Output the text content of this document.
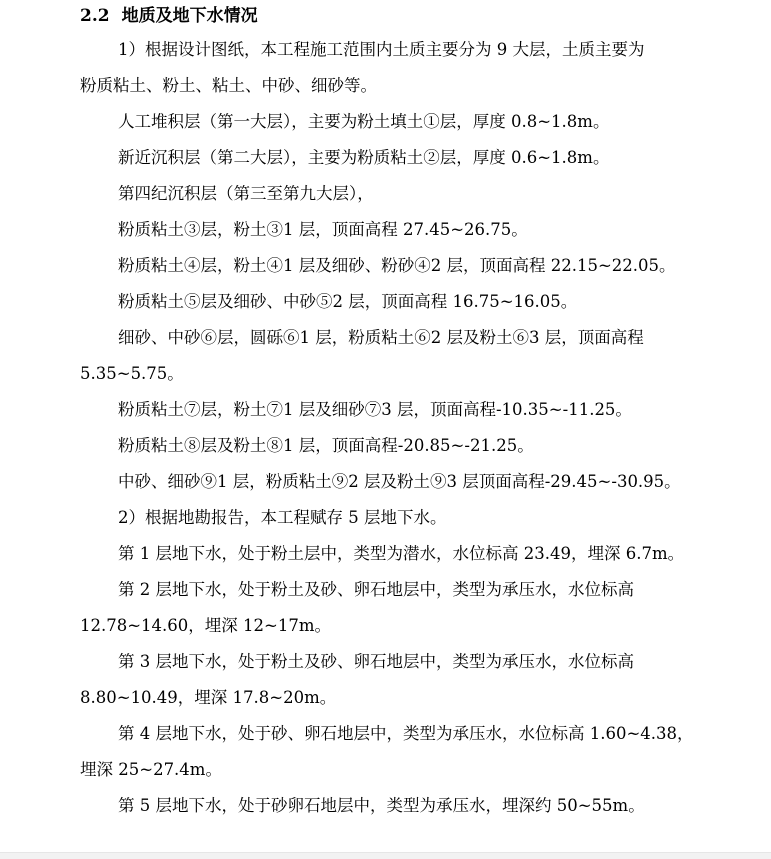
2.2 地质及地下水情况
1）根据设计图纸，本工程施工范围内土质主要分为 9 大层，土质主要为
粉质粘土、粉土、粘土、中砂、细砂等。
人工堆积层（第一大层），主要为粉土填土①层，厚度 0.8~1.8m。
新近沉积层（第二大层），主要为粉质粘土②层，厚度 0.6~1.8m。
第四纪沉积层（第三至第九大层），
粉质粘土③层，粉土③1 层，顶面高程 27.45~26.75。
粉质粘土④层，粉土④1 层及细砂、粉砂④2 层，顶面高程 22.15~22.05。
粉质粘土⑤层及细砂、中砂⑤2 层，顶面高程 16.75~16.05。
细砂、中砂⑥层，圆砾⑥1 层，粉质粘土⑥2 层及粉土⑥3 层，顶面高程
5.35~5.75。
粉质粘土⑦层，粉土⑦1 层及细砂⑦3 层，顶面高程-10.35~-11.25。
粉质粘土⑧层及粉土⑧1 层，顶面高程-20.85~-21.25。
中砂、细砂⑨1 层，粉质粘土⑨2 层及粉土⑨3 层顶面高程-29.45~-30.95。
2）根据地勘报告，本工程赋存 5 层地下水。
第 1 层地下水，处于粉土层中，类型为潜水，水位标高 23.49，埋深 6.7m。
第 2 层地下水，处于粉土及砂、卵石地层中，类型为承压水，水位标高
12.78~14.60，埋深 12~17m。
第 3 层地下水，处于粉土及砂、卵石地层中，类型为承压水，水位标高
8.80~10.49，埋深 17.8~20m。
第 4 层地下水，处于砂、卵石地层中，类型为承压水，水位标高 1.60~4.38，
埋深 25~27.4m。
第 5 层地下水，处于砂卵石地层中，类型为承压水，埋深约 50~55m。
